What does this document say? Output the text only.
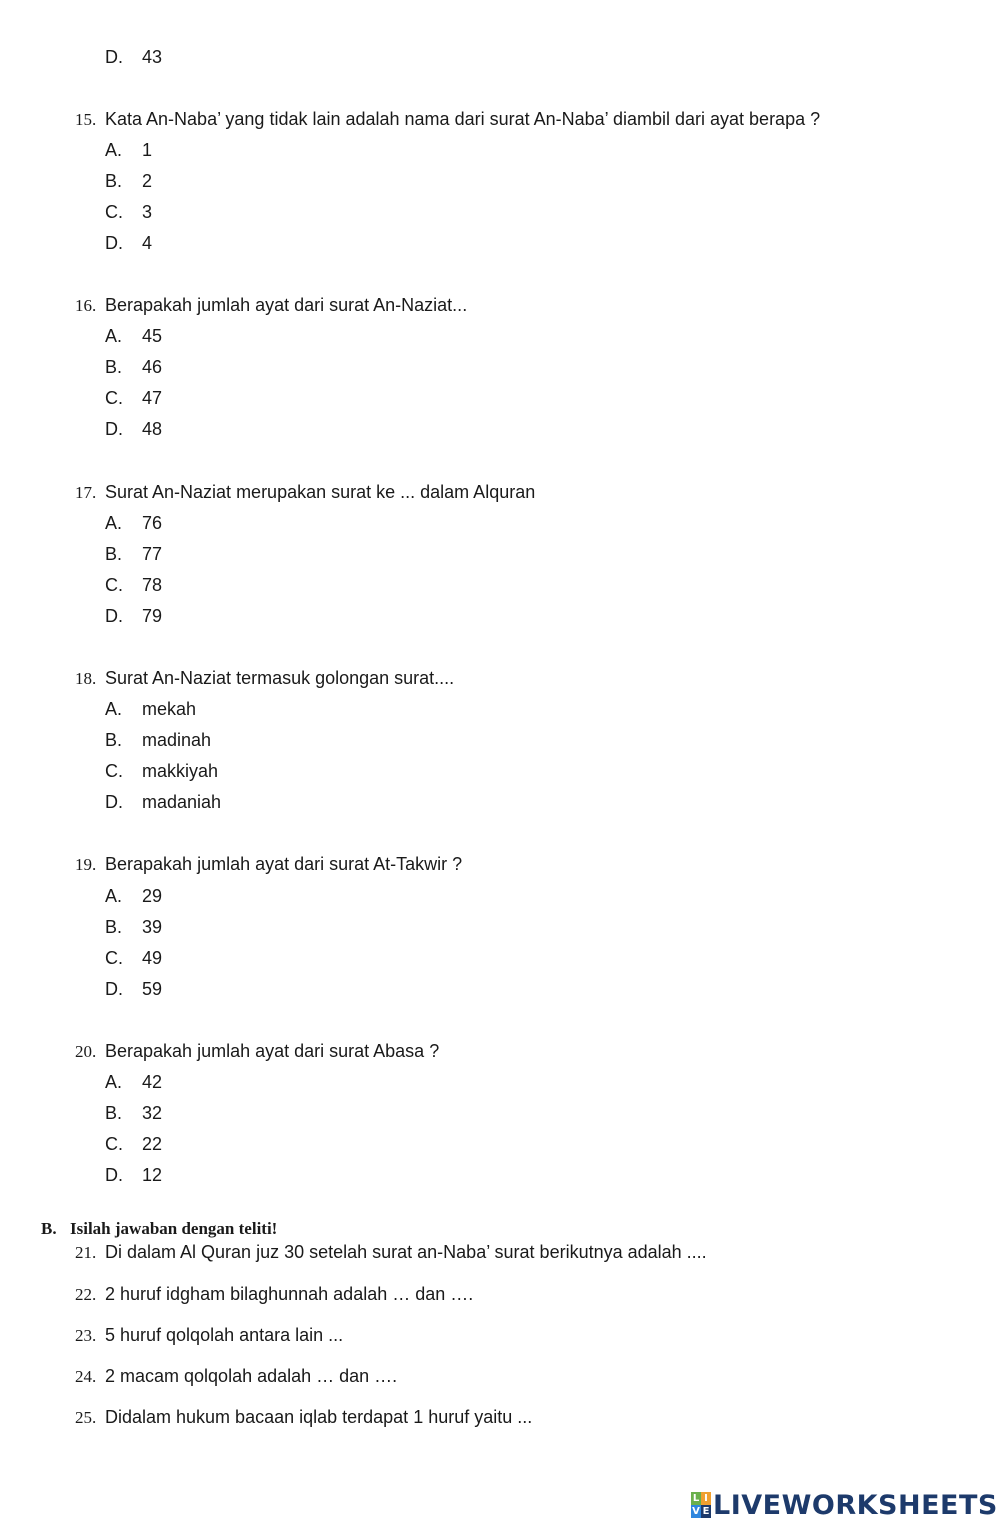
D. 43
15. Kata An-Naba’ yang tidak lain adalah nama dari surat An-Naba’ diambil dari ayat berapa ?
A. 1
B. 2
C. 3
D. 4
16. Berapakah jumlah ayat dari surat An-Naziat...
A. 45
B. 46
C. 47
D. 48
17. Surat An-Naziat merupakan surat ke ... dalam Alquran
A. 76
B. 77
C. 78
D. 79
18. Surat An-Naziat termasuk golongan surat....
A. mekah
B. madinah
C. makkiyah
D. madaniah
19. Berapakah jumlah ayat dari surat At-Takwir ?
A. 29
B. 39
C. 49
D. 59
20. Berapakah jumlah ayat dari surat Abasa ?
A. 42
B. 32
C. 22
D. 12
B. Isilah jawaban dengan teliti!
21. Di dalam Al Quran juz 30 setelah surat an-Naba’ surat berikutnya adalah ....
22. 2 huruf idgham bilaghunnah adalah … dan ….
23. 5 huruf qolqolah antara lain ...
24. 2 macam qolqolah adalah … dan ….
25. Didalam hukum bacaan iqlab terdapat 1 huruf yaitu ...
L I
V E LIVEWORKSHEETS
